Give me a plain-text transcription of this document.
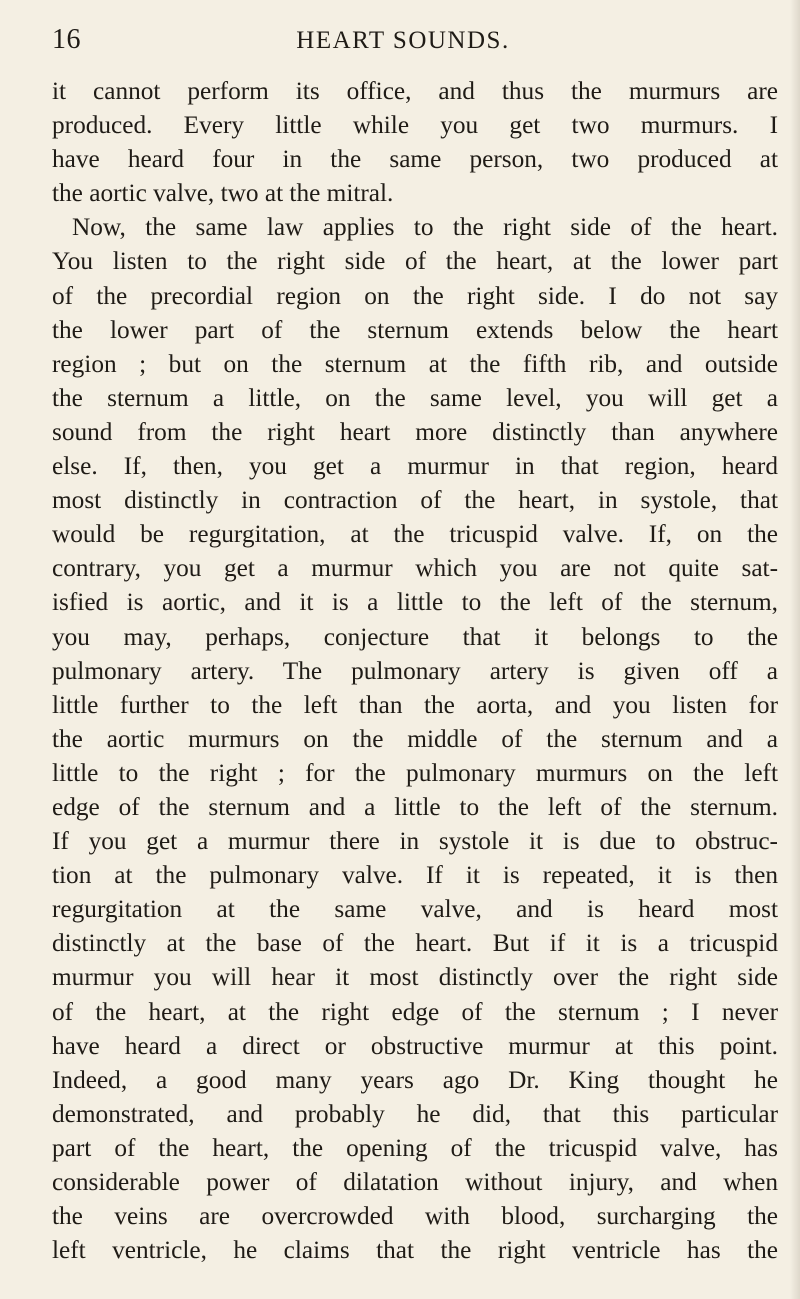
16	HEART SOUNDS.
it cannot perform its office, and thus the murmurs are
produced. Every little while you get two murmurs. I
have heard four in the same person, two produced at
the aortic valve, two at the mitral.
Now, the same law applies to the right side of the heart.
You listen to the right side of the heart, at the lower part
of the precordial region on the right side. I do not say
the lower part of the sternum extends below the heart
region ; but on the sternum at the fifth rib, and outside
the sternum a little, on the same level, you will get a
sound from the right heart more distinctly than anywhere
else. If, then, you get a murmur in that region, heard
most distinctly in contraction of the heart, in systole, that
would be regurgitation, at the tricuspid valve. If, on the
contrary, you get a murmur which you are not quite sat-
isfied is aortic, and it is a little to the left of the sternum,
you may, perhaps, conjecture that it belongs to the
pulmonary artery. The pulmonary artery is given off a
little further to the left than the aorta, and you listen for
the aortic murmurs on the middle of the sternum and a
little to the right ; for the pulmonary murmurs on the left
edge of the sternum and a little to the left of the sternum.
If you get a murmur there in systole it is due to obstruc-
tion at the pulmonary valve. If it is repeated, it is then
regurgitation at the same valve, and is heard most
distinctly at the base of the heart. But if it is a tricuspid
murmur you will hear it most distinctly over the right side
of the heart, at the right edge of the sternum ; I never
have heard a direct or obstructive murmur at this point.
Indeed, a good many years ago Dr. King thought he
demonstrated, and probably he did, that this particular
part of the heart, the opening of the tricuspid valve, has
considerable power of dilatation without injury, and when
the veins are overcrowded with blood, surcharging the
left ventricle, he claims that the right ventricle has the
